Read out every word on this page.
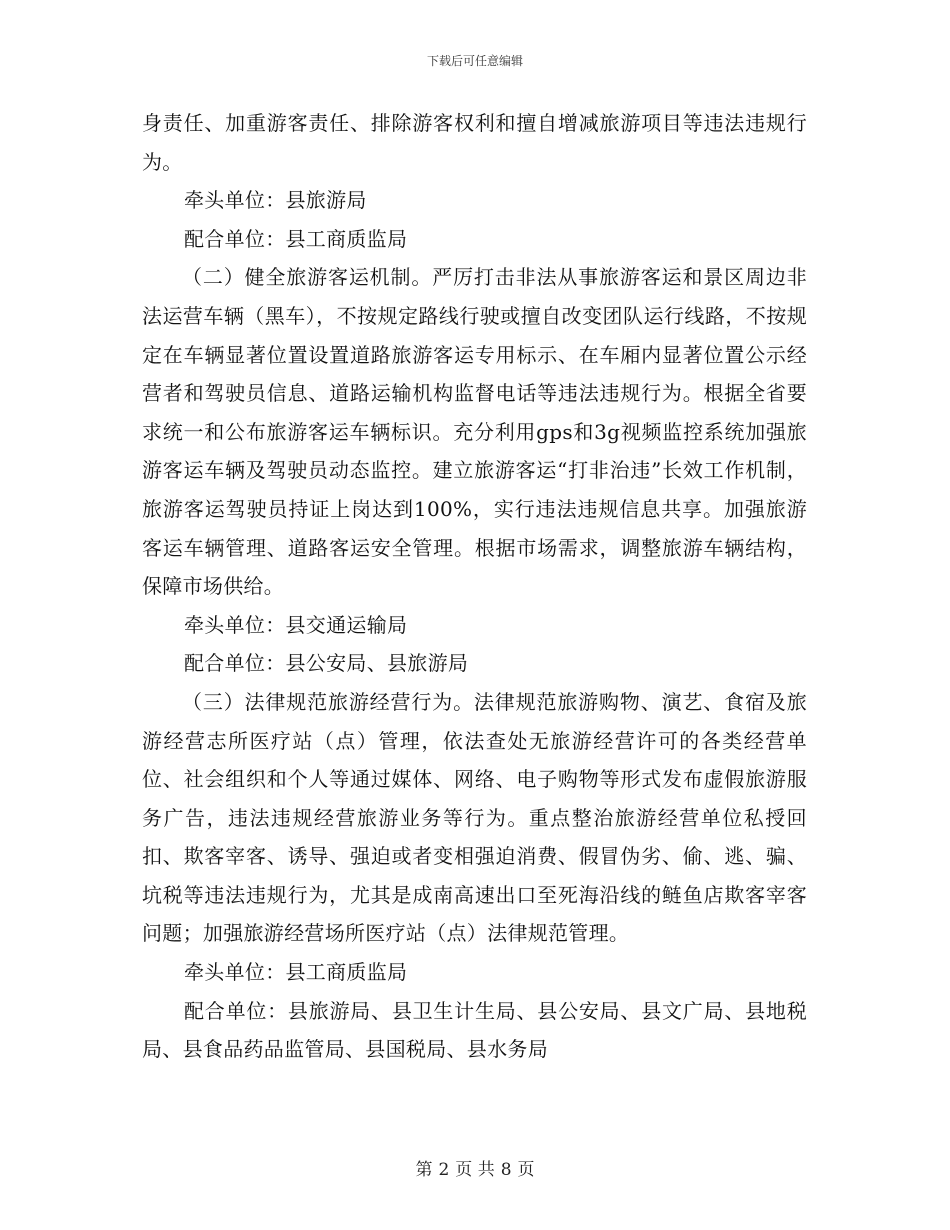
下载后可任意编辑

身责任、加重游客责任、排除游客权利和擅自增减旅游项目等违法违规行为。

牵头单位：县旅游局

配合单位：县工商质监局

（二）健全旅游客运机制。严厉打击非法从事旅游客运和景区周边非法运营车辆（黑车），不按规定路线行驶或擅自改变团队运行线路，不按规定在车辆显著位置设置道路旅游客运专用标示、在车厢内显著位置公示经营者和驾驶员信息、道路运输机构监督电话等违法违规行为。根据全省要求统一和公布旅游客运车辆标识。充分利用gps和3g视频监控系统加强旅游客运车辆及驾驶员动态监控。建立旅游客运“打非治违”长效工作机制，旅游客运驾驶员持证上岗达到100%，实行违法违规信息共享。加强旅游客运车辆管理、道路客运安全管理。根据市场需求，调整旅游车辆结构，保障市场供给。

牵头单位：县交通运输局

配合单位：县公安局、县旅游局

（三）法律规范旅游经营行为。法律规范旅游购物、演艺、食宿及旅游经营志所医疗站（点）管理，依法查处无旅游经营许可的各类经营单位、社会组织和个人等通过媒体、网络、电子购物等形式发布虚假旅游服务广告，违法违规经营旅游业务等行为。重点整治旅游经营单位私授回扣、欺客宰客、诱导、强迫或者变相强迫消费、假冒伪劣、偷、逃、骗、坑税等违法违规行为，尤其是成南高速出口至死海沿线的鲢鱼店欺客宰客问题；加强旅游经营场所医疗站（点）法律规范管理。

牵头单位：县工商质监局

配合单位：县旅游局、县卫生计生局、县公安局、县文广局、县地税局、县食品药品监管局、县国税局、县水务局

第 2 页 共 8 页
